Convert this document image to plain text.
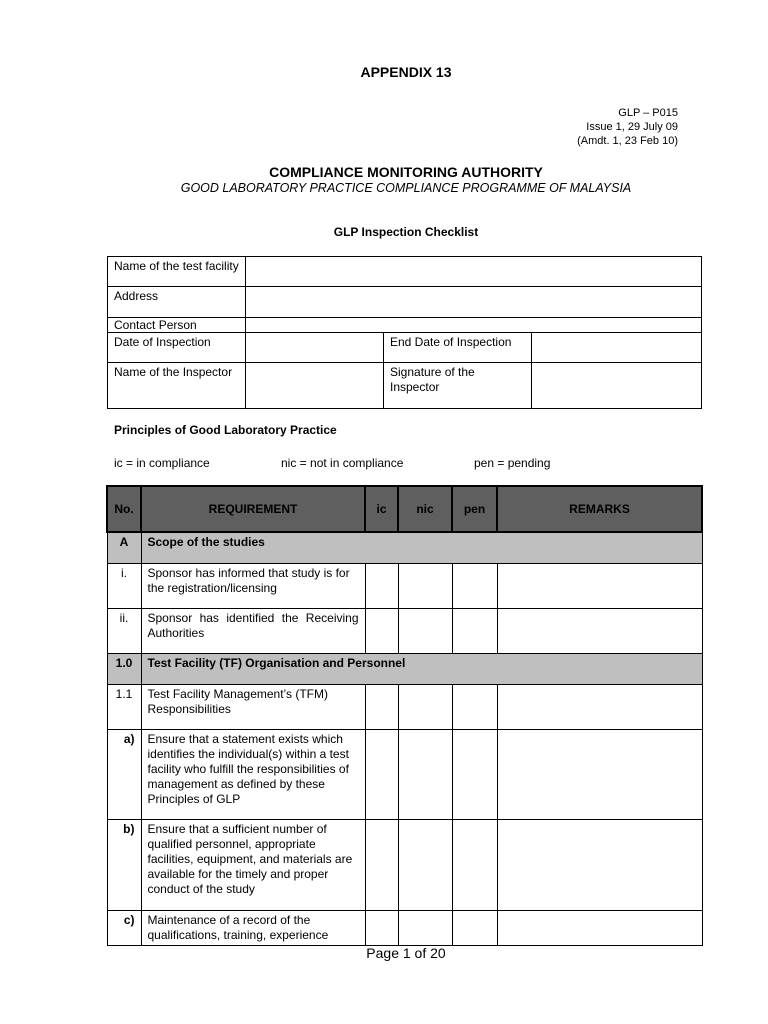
APPENDIX 13
GLP – P015
Issue 1, 29 July 09
(Amdt. 1, 23 Feb 10)
COMPLIANCE MONITORING AUTHORITY
GOOD LABORATORY PRACTICE COMPLIANCE PROGRAMME OF MALAYSIA
GLP Inspection Checklist
Name of the test facility			
Address			
Contact Person			
Date of Inspection		End Date of Inspection	
Name of the Inspector		Signature of the Inspector	
Principles of Good Laboratory Practice
ic = in compliance	nic = not in compliance	pen = pending
No.	REQUIREMENT	ic	nic	pen	REMARKS
A	Scope of the studies				
i.	Sponsor has informed that study is for the registration/licensing				
ii.	Sponsor has identified the Receiving Authorities				
1.0	Test Facility (TF) Organisation and Personnel				
1.1	Test Facility Management’s (TFM) Responsibilities				
a)	Ensure that a statement exists which identifies the individual(s) within a test facility who fulfill the responsibilities of management as defined by these Principles of GLP				
b)	Ensure that a sufficient number of qualified personnel, appropriate facilities, equipment, and materials are available for the timely and proper conduct of the study				
c)	Maintenance of a record of the qualifications, training, experience				
Page 1 of 20
